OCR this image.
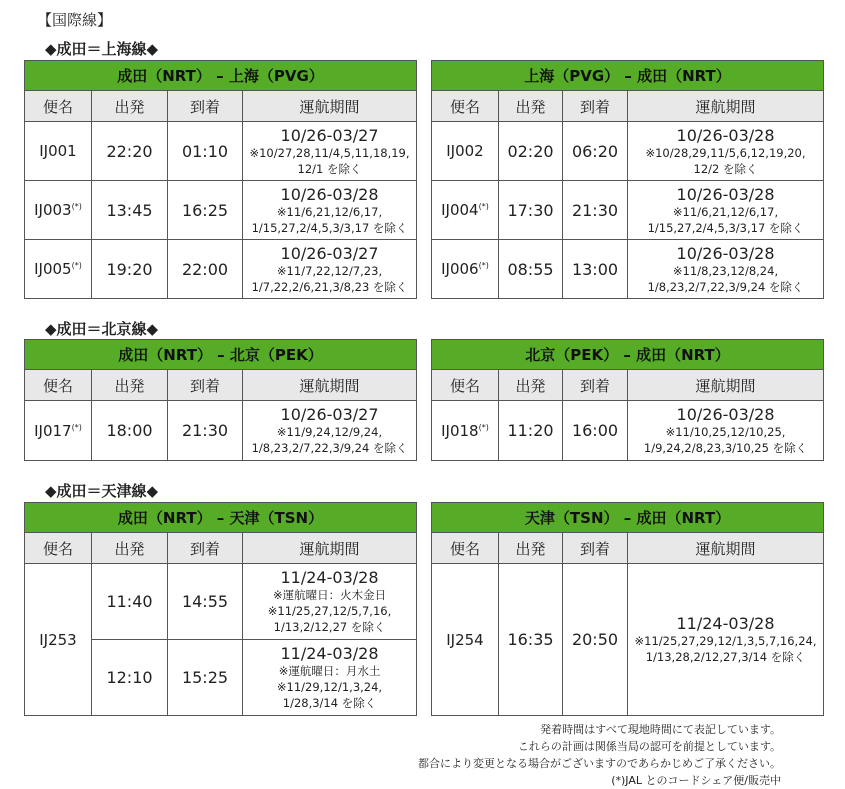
【国際線】
◆成田＝上海線◆
成田（NRT） – 上海（PVG）			
便名	出発	到着	運航期間
IJ001	22:20	01:10	10/26-03/27
※10/27,28,11/4,5,11,18,19,
12/1 を除く

IJ003(*)	13:45	16:25	10/26-03/28
※11/6,21,12/6,17,
1/15,27,2/4,5,3/3,17 を除く

IJ005(*)	19:20	22:00	10/26-03/27
※11/7,22,12/7,23,
1/7,22,2/6,21,3/8,23 を除く
上海（PVG） – 成田（NRT）			
便名	出発	到着	運航期間
IJ002	02:20	06:20	10/26-03/28
※10/28,29,11/5,6,12,19,20,
12/2 を除く

IJ004(*)	17:30	21:30	10/26-03/28
※11/6,21,12/6,17,
1/15,27,2/4,5,3/3,17 を除く

IJ006(*)	08:55	13:00	10/26-03/28
※11/8,23,12/8,24,
1/8,23,2/7,22,3/9,24 を除く
◆成田＝北京線◆
成田（NRT） – 北京（PEK）			
便名	出発	到着	運航期間
IJ017(*)	18:00	21:30	10/26-03/27
※11/9,24,12/9,24,
1/8,23,2/7,22,3/9,24 を除く
北京（PEK） – 成田（NRT）			
便名	出発	到着	運航期間
IJ018(*)	11:20	16:00	10/26-03/28
※11/10,25,12/10,25,
1/9,24,2/8,23,3/10,25 を除く
◆成田＝天津線◆
成田（NRT） – 天津（TSN）			
便名	出発	到着	運航期間
IJ253	11:40	14:55	11/24-03/28
※運航曜日：火木金日
※11/25,27,12/5,7,16,
1/13,2/12,27 を除く

	12:10	15:25	11/24-03/28
※運航曜日：月水土
※11/29,12/1,3,24,
1/28,3/14 を除く
天津（TSN） – 成田（NRT）			
便名	出発	到着	運航期間
IJ254	16:35	20:50	11/24-03/28
※11/25,27,29,12/1,3,5,7,16,24,
1/13,28,2/12,27,3/14 を除く
発着時間はすべて現地時間にて表記しています。
これらの計画は関係当局の認可を前提としています。
都合により変更となる場合がございますのであらかじめご了承ください。
(*)JAL とのコードシェア便/販売中
